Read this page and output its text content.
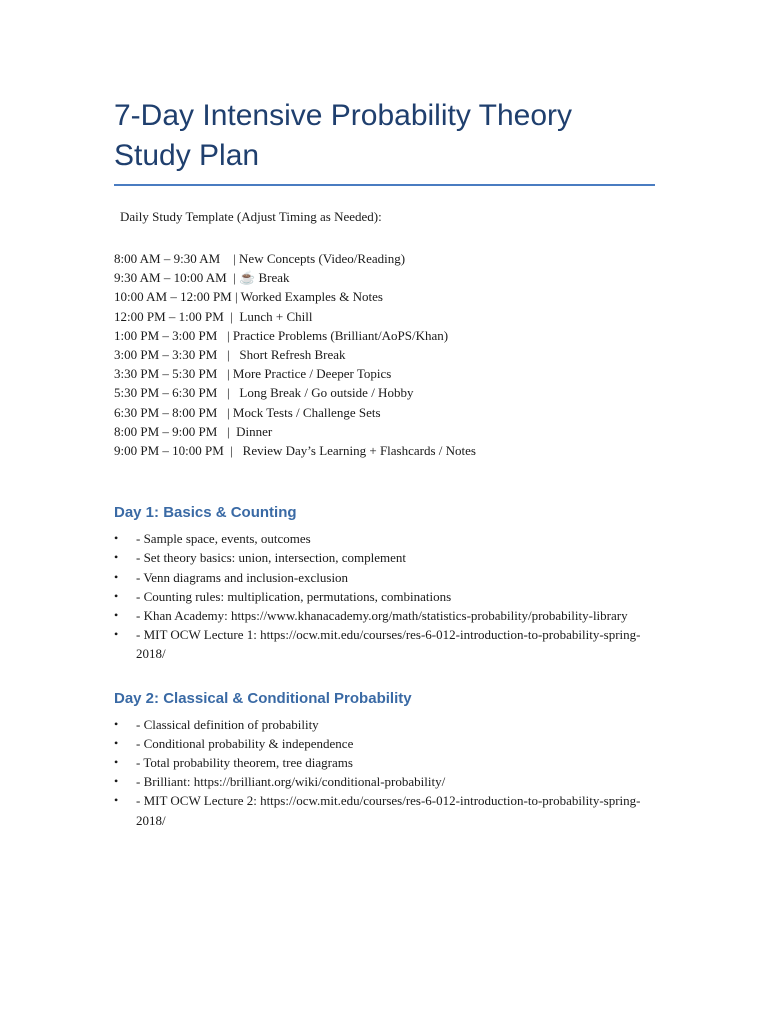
7-Day Intensive Probability Theory Study Plan
Daily Study Template (Adjust Timing as Needed):
8:00 AM – 9:30 AM    | New Concepts (Video/Reading)
9:30 AM – 10:00 AM  | ☕ Break
10:00 AM – 12:00 PM | Worked Examples & Notes
12:00 PM – 1:00 PM  |  Lunch + Chill
1:00 PM – 3:00 PM   | Practice Problems (Brilliant/AoPS/Khan)
3:00 PM – 3:30 PM   |   Short Refresh Break
3:30 PM – 5:30 PM   | More Practice / Deeper Topics
5:30 PM – 6:30 PM   |   Long Break / Go outside / Hobby
6:30 PM – 8:00 PM   | Mock Tests / Challenge Sets
8:00 PM – 9:00 PM   |  Dinner
9:00 PM – 10:00 PM  |   Review Day’s Learning + Flashcards / Notes
Day 1: Basics & Counting
• - Sample space, events, outcomes
• - Set theory basics: union, intersection, complement
• - Venn diagrams and inclusion-exclusion
• - Counting rules: multiplication, permutations, combinations
• - Khan Academy: https://www.khanacademy.org/math/statistics-probability/probability-library
• - MIT OCW Lecture 1: https://ocw.mit.edu/courses/res-6-012-introduction-to-probability-spring-2018/
Day 2: Classical & Conditional Probability
• - Classical definition of probability
• - Conditional probability & independence
• - Total probability theorem, tree diagrams
• - Brilliant: https://brilliant.org/wiki/conditional-probability/
• - MIT OCW Lecture 2: https://ocw.mit.edu/courses/res-6-012-introduction-to-probability-spring-2018/
